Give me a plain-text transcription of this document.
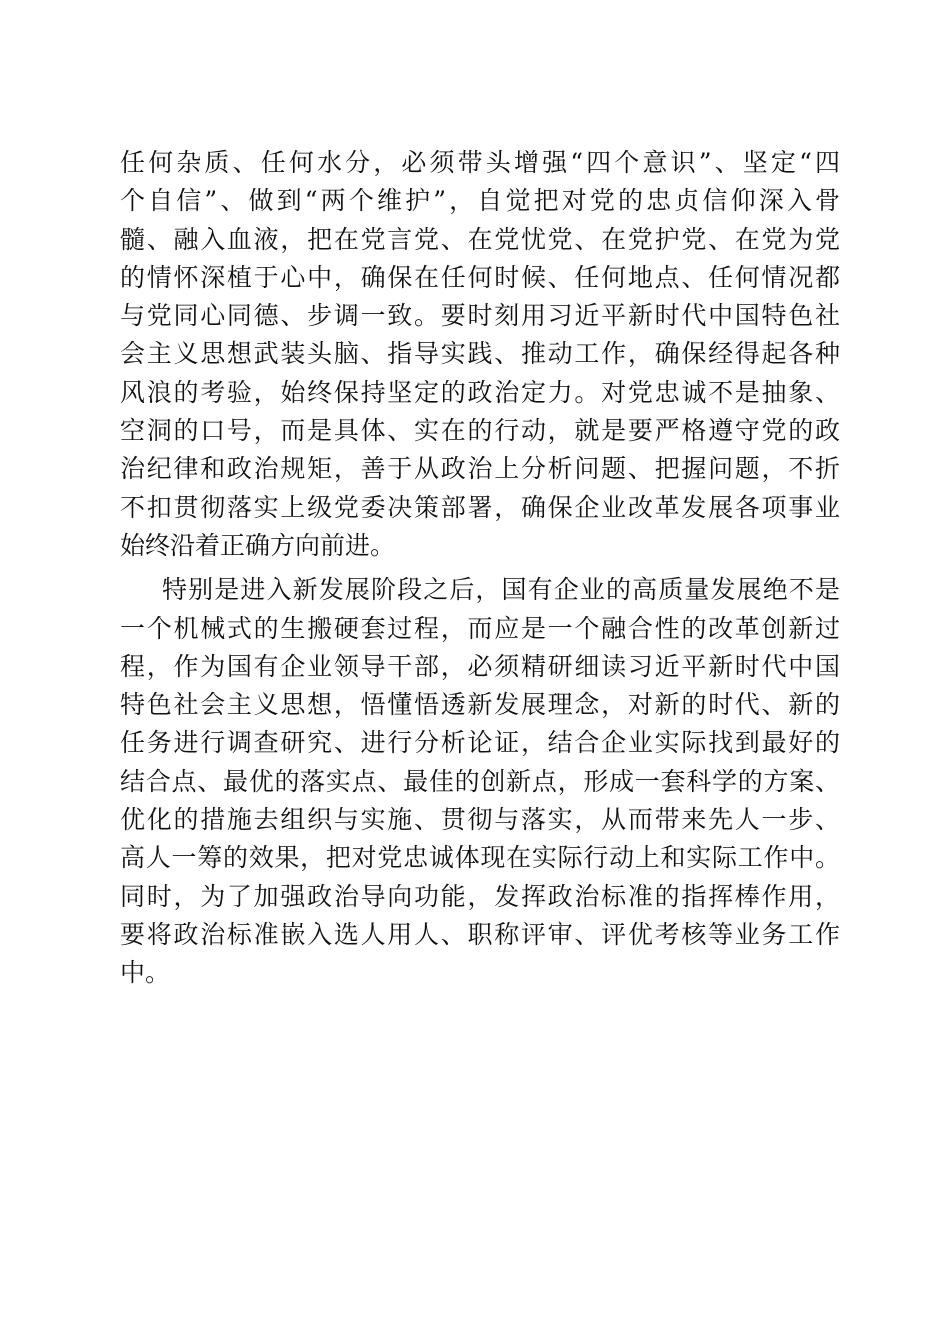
任何杂质、任何水分，必须带头增强“四个意识”、坚定“四
个自信”、做到“两个维护”，自觉把对党的忠贞信仰深入骨
髓、融入血液，把在党言党、在党忧党、在党护党、在党为党
的情怀深植于心中，确保在任何时候、任何地点、任何情况都
与党同心同德、步调一致。要时刻用习近平新时代中国特色社
会主义思想武装头脑、指导实践、推动工作，确保经得起各种
风浪的考验，始终保持坚定的政治定力。对党忠诚不是抽象、
空洞的口号，而是具体、实在的行动，就是要严格遵守党的政
治纪律和政治规矩，善于从政治上分析问题、把握问题，不折
不扣贯彻落实上级党委决策部署，确保企业改革发展各项事业
始终沿着正确方向前进。
特别是进入新发展阶段之后，国有企业的高质量发展绝不是
一个机械式的生搬硬套过程，而应是一个融合性的改革创新过
程，作为国有企业领导干部，必须精研细读习近平新时代中国
特色社会主义思想，悟懂悟透新发展理念，对新的时代、新的
任务进行调查研究、进行分析论证，结合企业实际找到最好的
结合点、最优的落实点、最佳的创新点，形成一套科学的方案、
优化的措施去组织与实施、贯彻与落实，从而带来先人一步、
高人一筹的效果，把对党忠诚体现在实际行动上和实际工作中。
同时，为了加强政治导向功能，发挥政治标准的指挥棒作用，
要将政治标准嵌入选人用人、职称评审、评优考核等业务工作
中。
